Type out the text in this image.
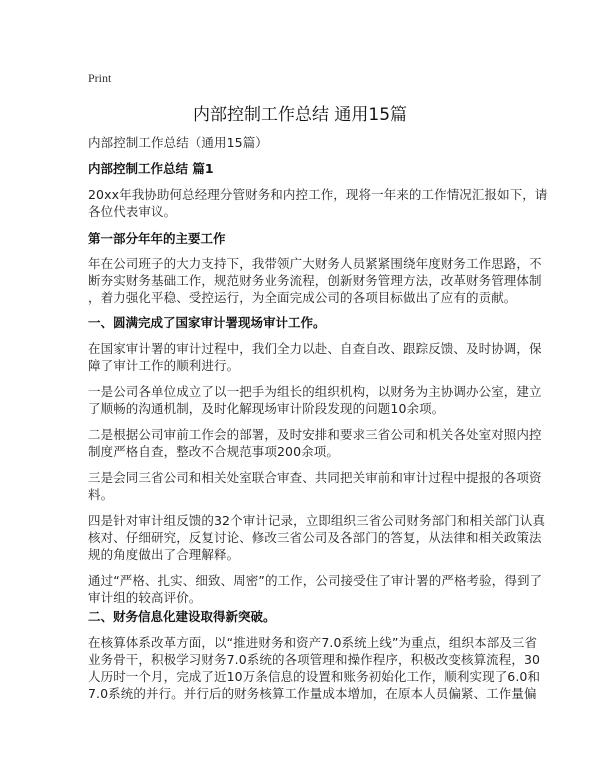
Print
内部控制工作总结 通用15篇
内部控制工作总结（通用15篇）
内部控制工作总结 篇1
20xx年我协助何总经理分管财务和内控工作，现将一年来的工作情况汇报如下，请
各位代表审议。
第一部分年年的主要工作
年在公司班子的大力支持下，我带领广大财务人员紧紧围绕年度财务工作思路，不
断夯实财务基础工作，规范财务业务流程，创新财务管理方法，改革财务管理体制
，着力强化平稳、受控运行，为全面完成公司的各项目标做出了应有的贡献。
一、圆满完成了国家审计署现场审计工作。
在国家审计署的审计过程中，我们全力以赴、自查自改、跟踪反馈、及时协调，保
障了审计工作的顺利进行。
一是公司各单位成立了以一把手为组长的组织机构，以财务为主协调办公室，建立
了顺畅的沟通机制，及时化解现场审计阶段发现的问题10余项。
二是根据公司审前工作会的部署，及时安排和要求三省公司和机关各处室对照内控
制度严格自查，整改不合规范事项200余项。
三是会同三省公司和相关处室联合审查、共同把关审前和审计过程中提报的各项资
料。
四是针对审计组反馈的32个审计记录，立即组织三省公司财务部门和相关部门认真
核对、仔细研究，反复讨论、修改三省公司及各部门的答复，从法律和相关政策法
规的角度做出了合理解释。
通过“严格、扎实、细致、周密”的工作，公司接受住了审计署的严格考验，得到了
审计组的较高评价。
二、财务信息化建设取得新突破。
在核算体系改革方面，以“推进财务和资产7.0系统上线”为重点，组织本部及三省
业务骨干，积极学习财务7.0系统的各项管理和操作程序，积极改变核算流程，30
人历时一个月，完成了近10万条信息的设置和账务初始化工作，顺利实现了6.0和
7.0系统的并行。并行后的财务核算工作量成本增加，在原本人员偏紧、工作量偏
